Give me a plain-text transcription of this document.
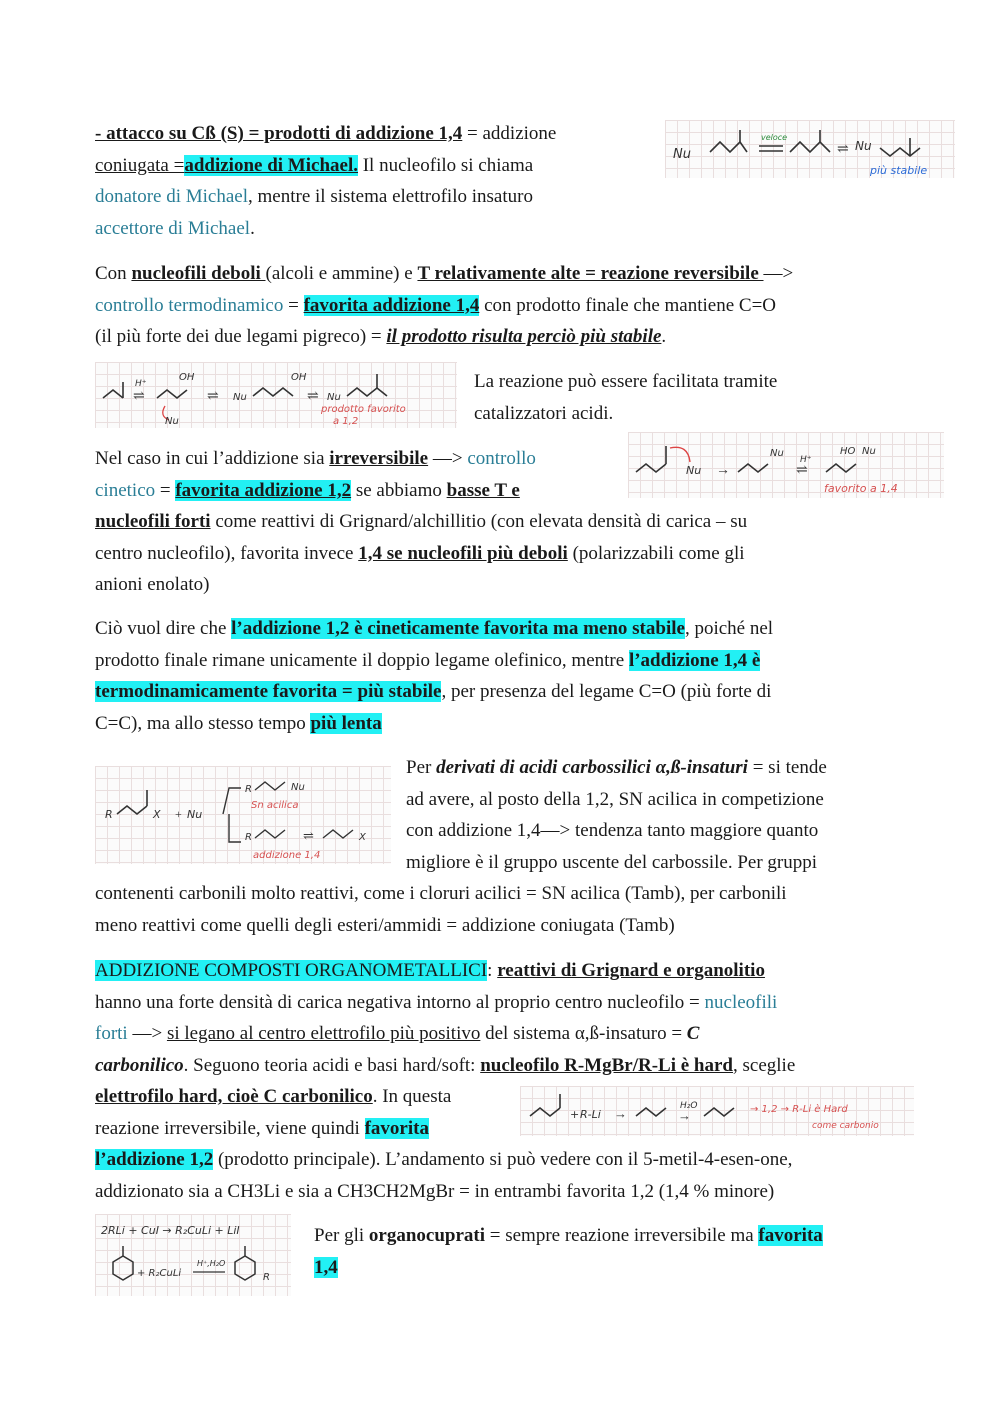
- attacco su Cß (S) = prodotti di addizione 1,4 = addizione
coniugata =addizione di Michael. Il nucleofilo si chiama
donatore di Michael, mentre il sistema elettrofilo insaturo
accettore di Michael.
Nu
veloce
⇌ Nu
più stabile
Con nucleofili deboli (alcoli e ammine) e T relativamente alte = reazione reversibile —>
controllo termodinamico = favorita addizione 1,4 con prodotto finale che mantiene C=O
(il più forte dei due legami pigreco) = il prodotto risulta perciò più stabile.
H⁺
⇌
OH
Nu
⇌ Nu
OH
⇌ Nu
prodotto favorito
a 1,2
La reazione può essere facilitata tramite
catalizzatori acidi.
Nu →
Nu
H⁺
⇌
HO Nu
favorito a 1,4
Nel caso in cui l’addizione sia irreversibile —> controllo
cinetico = favorita addizione 1,2 se abbiamo basse T e
nucleofili forti come reattivi di Grignard/alchillitio (con elevata densità di carica – su
centro nucleofilo), favorita invece 1,4 se nucleofili più deboli (polarizzabili come gli
anioni enolato)
Ciò vuol dire che l’addizione 1,2 è cineticamente favorita ma meno stabile, poiché nel
prodotto finale rimane unicamente il doppio legame olefinico, mentre l’addizione 1,4 è
termodinamicamente favorita = più stabile, per presenza del legame C=O (più forte di
C=C), ma allo stesso tempo più lenta
R	X + Nu
R	Nu
Sn acilica
R	⇌	X
addizione 1,4
Per derivati di acidi carbossilici α,ß-insaturi = si tende
ad avere, al posto della 1,2, SN acilica in competizione
con addizione 1,4—> tendenza tanto maggiore quanto
migliore è il gruppo uscente del carbossile. Per gruppi
contenenti carbonili molto reattivi, come i cloruri acilici = SN acilica (Tamb), per carbonili
meno reattivi come quelli degli esteri/ammidi = addizione coniugata (Tamb)
ADDIZIONE COMPOSTI ORGANOMETALLICI: reattivi di Grignard e organolitio
hanno una forte densità di carica negativa intorno al proprio centro nucleofilo = nucleofili
forti —> si legano al centro elettrofilo più positivo del sistema α,ß-insaturo = C
carbonilico. Seguono teoria acidi e basi hard/soft: nucleofilo R-MgBr/R-Li è hard, sceglie
elettrofilo hard, cioè C carbonilico. In questa
reazione irreversibile, viene quindi favorita
l’addizione 1,2 (prodotto principale). L’andamento si può vedere con il 5-metil-4-esen-one,
addizionato sia a CH3Li e sia a CH3CH2MgBr = in entrambi favorita 1,2 (1,4 % minore)
+ R-Li →	H₂O
→	→ 1,2 → R-Li è Hard
come carbonio
2RLi + CuI → R₂CuLi + LiI
+ R₂CuLi
H⁺,H₂O
R
Per gli organocuprati = sempre reazione irreversibile ma favorita
1,4
